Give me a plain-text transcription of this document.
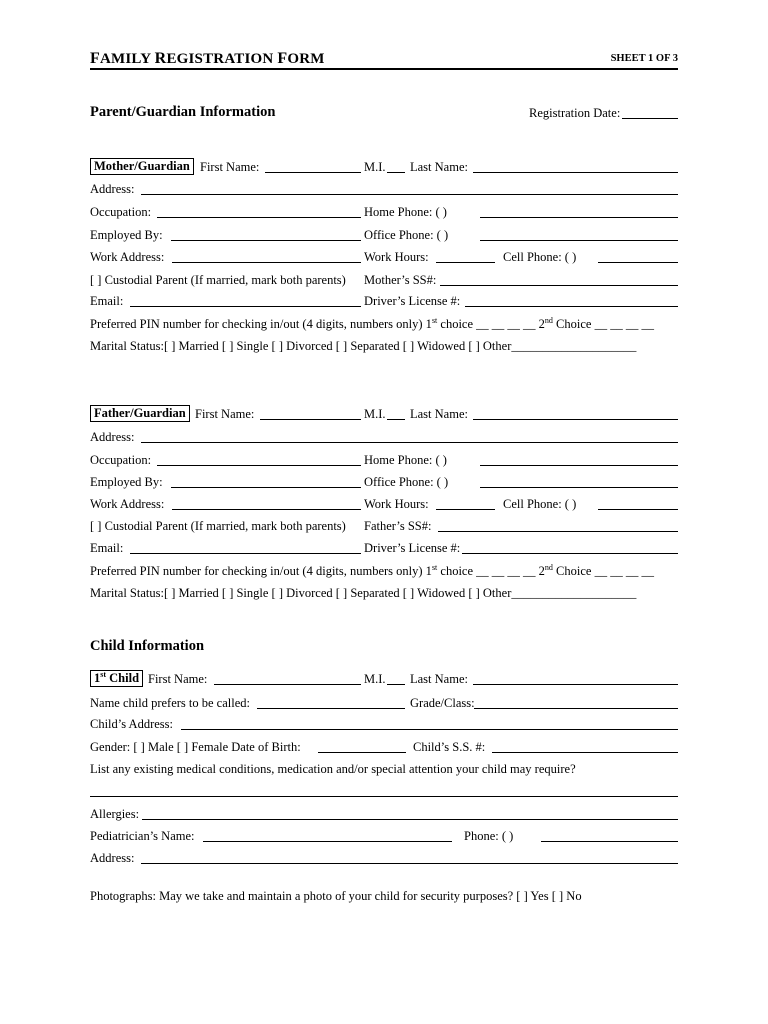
FAMILY REGISTRATION FORM	SHEET 1 OF 3
Parent/Guardian Information	Registration Date:
Mother/Guardian First Name:	M.I. Last Name:
Address:
Occupation:	Home Phone: ( )
Employed By:	Office Phone: ( )
Work Address:	Work Hours:	Cell Phone: ( )
[ ] Custodial Parent (If married, mark both parents) Mother’s SS#:
Email:	Driver’s License #:
Preferred PIN number for checking in/out (4 digits, numbers only) 1st choice __ __ __ __ 2nd Choice __ __ __ __
Marital Status:[ ] Married [ ] Single [ ] Divorced [ ] Separated [ ] Widowed [ ] Other____________________
Father/Guardian First Name:	M.I. Last Name:
Address:
Occupation:	Home Phone: ( )
Employed By:	Office Phone: ( )
Work Address:	Work Hours:	Cell Phone: ( )
[ ] Custodial Parent (If married, mark both parents) Father’s SS#:
Email:	Driver’s License #:
Preferred PIN number for checking in/out (4 digits, numbers only) 1st choice __ __ __ __ 2nd Choice __ __ __ __
Marital Status:[ ] Married [ ] Single [ ] Divorced [ ] Separated [ ] Widowed [ ] Other____________________
Child Information
1st Child First Name:	M.I. Last Name:
Name child prefers to be called:	Grade/Class:
Child’s Address:
Gender: [ ] Male [ ] Female Date of Birth:	Child’s S.S. #:
List any existing medical conditions, medication and/or special attention your child may require?
Allergies:
Pediatrician’s Name:	Phone: ( )
Address:
Photographs: May we take and maintain a photo of your child for security purposes? [ ] Yes [ ] No
